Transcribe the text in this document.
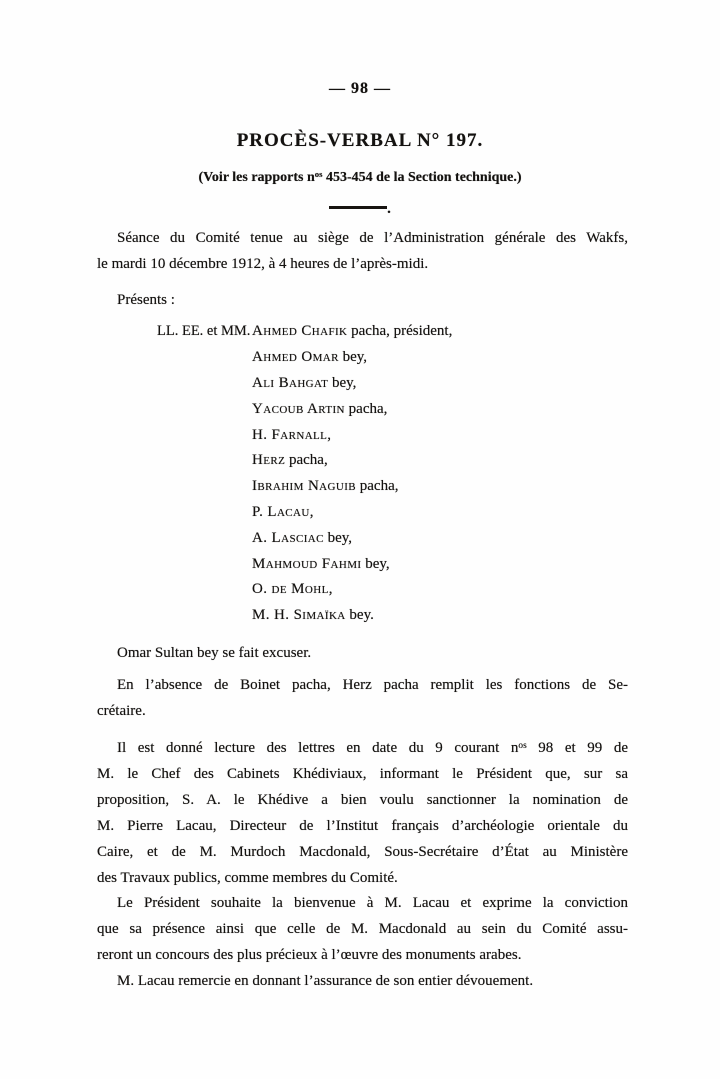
— 98 —
PROCÈS-VERBAL N° 197.
(Voir les rapports $n^{os}$ 453-454 de la Section technique.)
.
Séance du Comité tenue au siège de l’Administration générale des Wakfs,
le mardi 10 décembre 1912, à 4 heures de l’après-midi.
Présents :
LL. EE. et MM. Ahmed Chafik pacha, président,
Ahmed Omar bey,
Ali Bahgat bey,
Yacoub Artin pacha,
H. Farnall,
Herz pacha,
Ibrahim Naguib pacha,
P. Lacau,
A. Lasciac bey,
Mahmoud Fahmi bey,
O. de Mohl,
M. H. Simaïka bey.
Omar Sultan bey se fait excuser.
En l’absence de Boinet pacha, Herz pacha remplit les fonctions de Se-
crétaire.
Il est donné lecture des lettres en date du 9 courant $n^{os}$ 98 et 99 de
M. le Chef des Cabinets Khédiviaux, informant le Président que, sur sa
proposition, S. A. le Khédive a bien voulu sanctionner la nomination de
M. Pierre Lacau, Directeur de l’Institut français d’archéologie orientale du
Caire, et de M. Murdoch Macdonald, Sous-Secrétaire d’État au Ministère
des Travaux publics, comme membres du Comité.
Le Président souhaite la bienvenue à M. Lacau et exprime la conviction
que sa présence ainsi que celle de M. Macdonald au sein du Comité assu-
reront un concours des plus précieux à l’œuvre des monuments arabes.
M. Lacau remercie en donnant l’assurance de son entier dévouement.
